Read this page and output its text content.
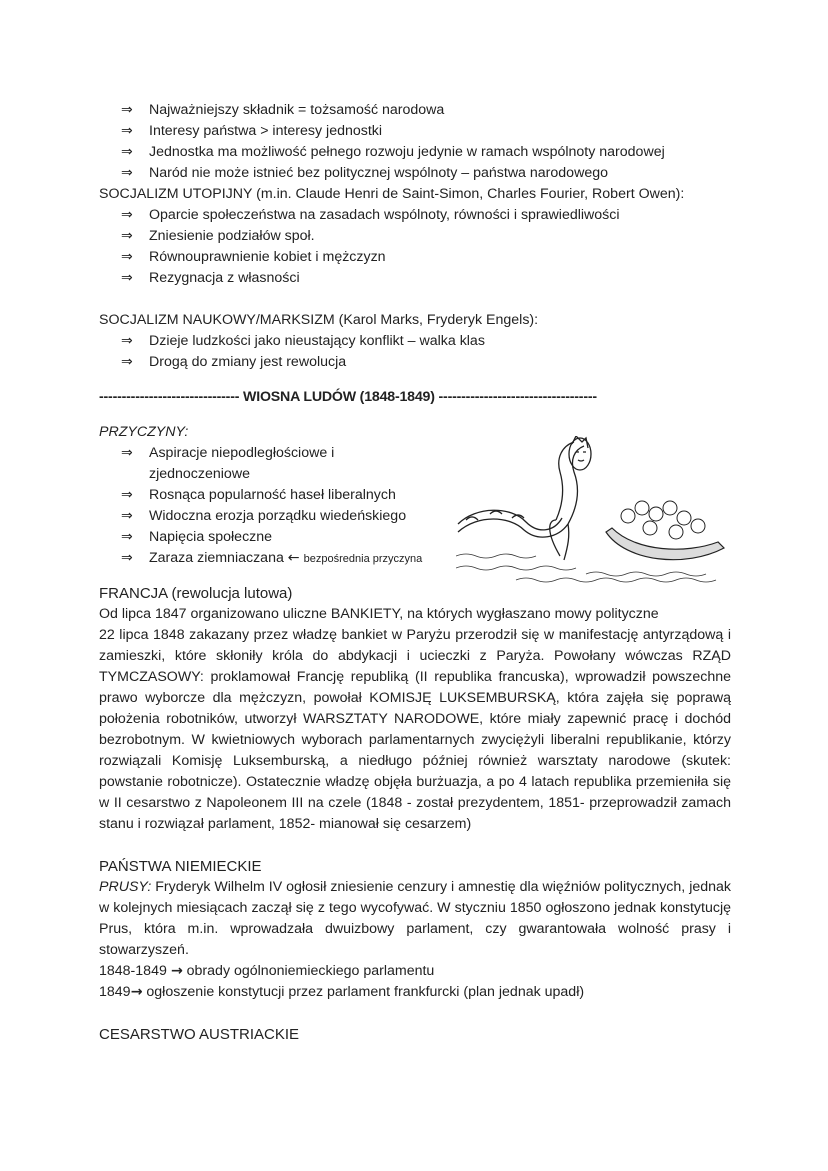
⇒	Najważniejszy składnik = tożsamość narodowa
⇒	Interesy państwa > interesy jednostki
⇒	Jednostka ma możliwość pełnego rozwoju jedynie w ramach wspólnoty narodowej
⇒	Naród nie może istnieć bez politycznej wspólnoty – państwa narodowego
SOCJALIZM UTOPIJNY (m.in. Claude Henri de Saint-Simon, Charles Fourier, Robert Owen):
⇒	Oparcie społeczeństwa na zasadach wspólnoty, równości i sprawiedliwości
⇒	Zniesienie podziałów społ.
⇒	Równouprawnienie kobiet i mężczyzn
⇒	Rezygnacja z własności
SOCJALIZM NAUKOWY/MARKSIZM (Karol Marks, Fryderyk Engels):
⇒	Dzieje ludzkości jako nieustający konflikt – walka klas
⇒	Drogą do zmiany jest rewolucja
------------------------------- WIOSNA LUDÓW (1848-1849) -----------------------------------
PRZYCZYNY:
⇒	Aspiracje niepodległościowe i zjednoczeniowe
⇒	Rosnąca popularność haseł liberalnych
⇒	Widoczna erozja porządku wiedeńskiego
⇒	Napięcia społeczne
⇒	Zaraza ziemniaczana ← bezpośrednia przyczyna
FRANCJA (rewolucja lutowa)
Od lipca 1847 organizowano uliczne BANKIETY, na których wygłaszano mowy polityczne
22 lipca 1848 zakazany przez władzę bankiet w Paryżu przerodził się w manifestację antyrządową i zamieszki, które skłoniły króla do abdykacji i ucieczki z Paryża. Powołany wówczas RZĄD TYMCZASOWY: proklamował Francję republiką (II republika francuska), wprowadził powszechne prawo wyborcze dla mężczyzn, powołał KOMISJĘ LUKSEMBURSKĄ, która zajęła się poprawą położenia robotników, utworzył WARSZTATY NARODOWE, które miały zapewnić pracę i dochód bezrobotnym. W kwietniowych wyborach parlamentarnych zwyciężyli liberalni republikanie, którzy rozwiązali Komisję Luksemburską, a niedługo później również warsztaty narodowe (skutek: powstanie robotnicze). Ostatecznie władzę objęła burżuazja, a po 4 latach republika przemieniła się w II cesarstwo z Napoleonem III na czele (1848 - został prezydentem, 1851- przeprowadził zamach stanu i rozwiązał parlament, 1852- mianował się cesarzem)
PAŃSTWA NIEMIECKIE
PRUSY: Fryderyk Wilhelm IV ogłosił zniesienie cenzury i amnestię dla więźniów politycznych, jednak w kolejnych miesiącach zaczął się z tego wycofywać. W styczniu 1850 ogłoszono jednak konstytucję Prus, która m.in. wprowadzała dwuizbowy parlament, czy gwarantowała wolność prasy i stowarzyszeń.
1848-1849 → obrady ogólnoniemieckiego parlamentu
1849→ ogłoszenie konstytucji przez parlament frankfurcki (plan jednak upadł)
CESARSTWO AUSTRIACKIE
